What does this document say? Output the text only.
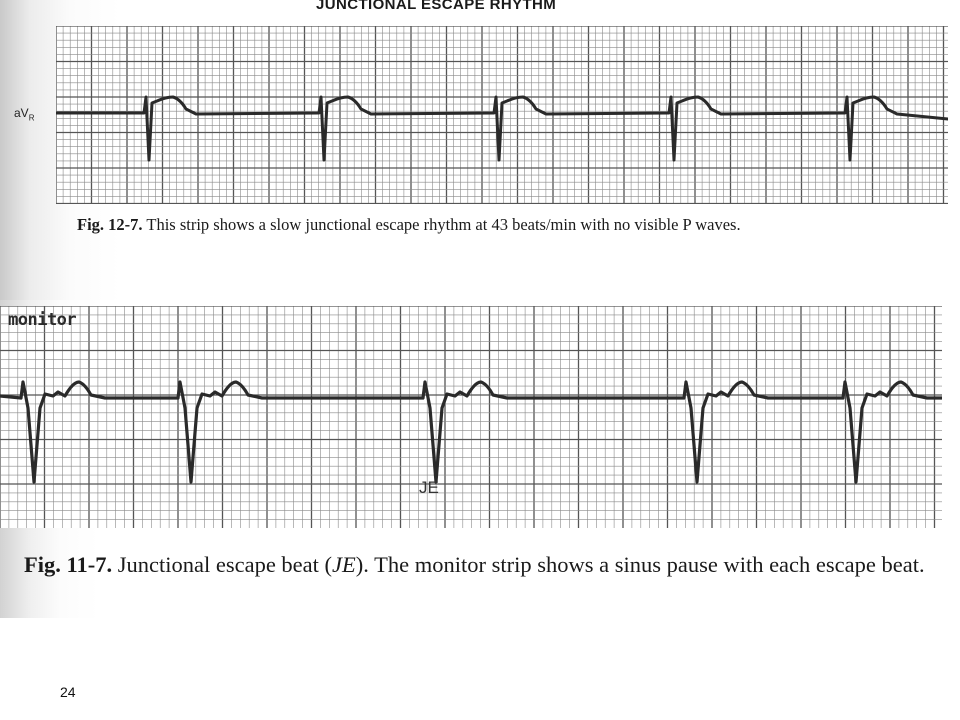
JUNCTIONAL ESCAPE RHYTHM
$aV_R$
Fig. 12-7. This strip shows a slow junctional escape rhythm at 43 beats/min with no visible P waves.
monitor
JE
Fig. 11-7. Junctional escape beat (JE). The monitor strip shows a sinus pause with each escape beat.
24
